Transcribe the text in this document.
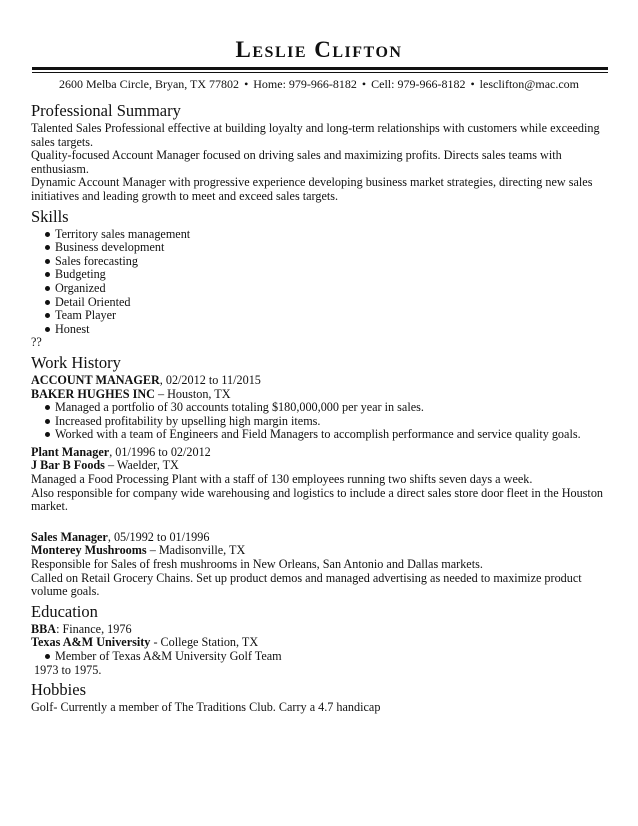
Leslie Clifton
2600 Melba Circle, Bryan, TX 77802 • Home: 979-966-8182 • Cell: 979-966-8182 • lesclifton@mac.com
Professional Summary

Talented Sales Professional effective at building loyalty and long-term relationships with customers while exceeding sales targets.

Quality-focused Account Manager focused on driving sales and maximizing profits. Directs sales teams with enthusiasm.

Dynamic Account Manager with progressive experience developing business market strategies, directing new sales initiatives and leading growth to meet and exceed sales targets.

Skills
Territory sales management
Business development
Sales forecasting
Budgeting
Organized
Detail Oriented
Team Player
Honest

??

Work History

ACCOUNT MANAGER, 02/2012 to 11/2015

BAKER HUGHES INC – Houston, TX

Managed a portfolio of 30 accounts totaling $180,000,000 per year in sales.
Increased profitability by upselling high margin items.
Worked with a team of Engineers and Field Managers to accomplish performance and service quality goals.

Plant Manager, 01/1996 to 02/2012

J Bar B Foods – Waelder, TX

Managed a Food Processing Plant with a staff of 130 employees running two shifts seven days a week.

Also responsible for company wide warehousing and logistics to include a direct sales store door fleet in the Houston market.

Sales Manager, 05/1992 to 01/1996

Monterey Mushrooms – Madisonville, TX

Responsible for Sales of fresh mushrooms in New Orleans, San Antonio and Dallas markets.

Called on Retail Grocery Chains. Set up product demos and managed advertising as needed to maximize product volume goals.

Education

BBA: Finance, 1976

Texas A&M University - College Station, TX

Member of Texas A&M University Golf Team

1973 to 1975.

Hobbies

Golf- Currently a member of The Traditions Club. Carry a 4.7 handicap
